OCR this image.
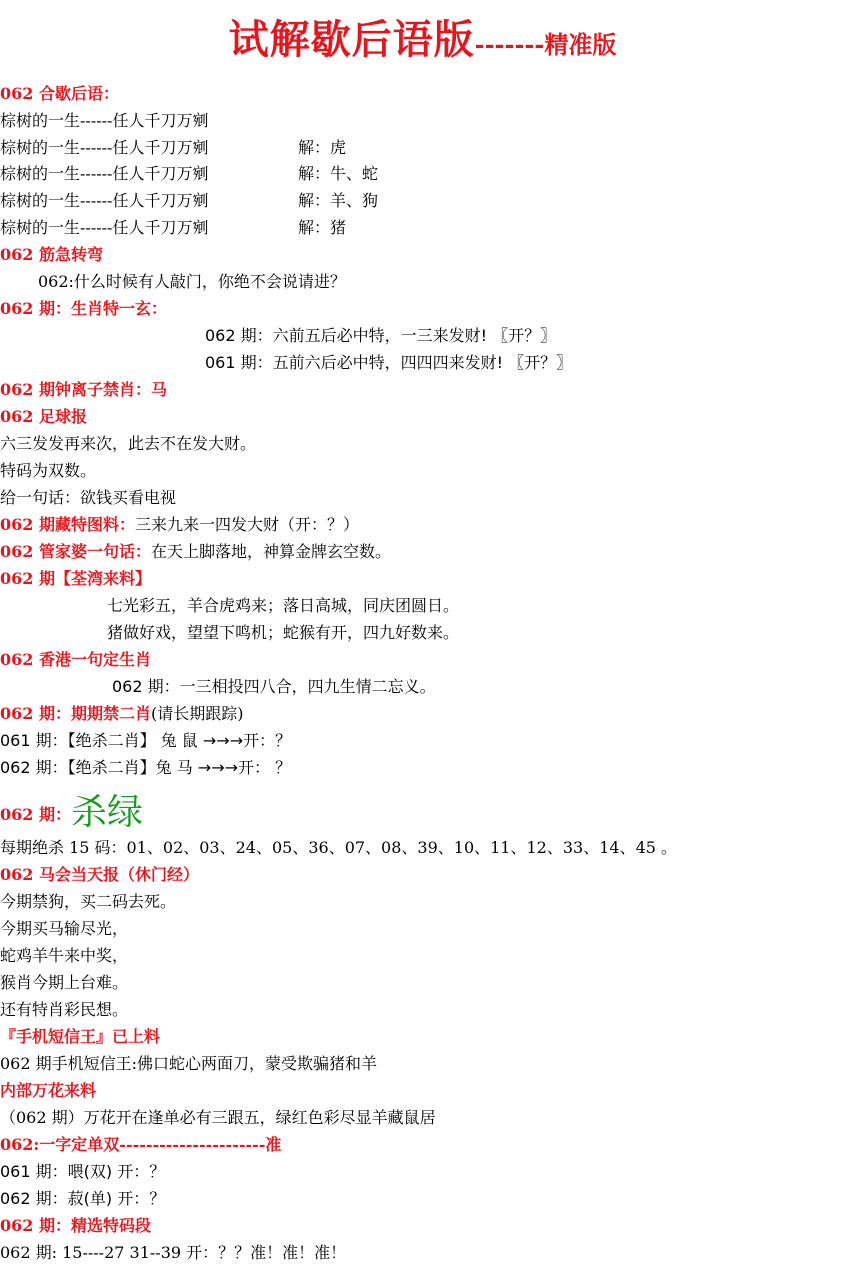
试解歇后语版-------精准版
062 合歇后语：
棕树的一生------任人千刀万剜
棕树的一生------任人千刀万剜	解：虎
棕树的一生------任人千刀万剜	解：牛、蛇
棕树的一生------任人千刀万剜	解：羊、狗
棕树的一生------任人千刀万剜	解：猪
062 筋急转弯
062:什么时候有人敲门，你绝不会说请进？
062 期：生肖特一玄：
062 期：六前五后必中特，一三来发财! 〖开？〗
061 期：五前六后必中特，四四四来发财! 〖开？〗
062 期钟离子禁肖：马
062 足球报
六三发发再来次，此去不在发大财。
特码为双数。
给一句话：欲钱买看电视
062 期藏特图料：三来九来一四发大财（开：？）
062 管家婆一句话：在天上脚落地，神算金牌玄空数。
062 期【荃湾来料】
七光彩五，羊合虎鸡来；落日高城，同庆团圆日。
猪做好戏，望望下鸣机；蛇猴有开，四九好数来。
062 香港一句定生肖
062 期：一三相投四八合，四九生情二忘义。
062 期：期期禁二肖(请长期跟踪)
061 期：【绝杀二肖】 兔 鼠 →→→开：？
062 期：【绝杀二肖】兔 马 →→→开： ？
062 期：杀绿
每期绝杀 15 码：01、02、03、24、05、36、07、08、39、10、11、12、33、14、45 。
062 马会当天报（休门经）
今期禁狗，买二码去死。
今期买马输尽光，
蛇鸡羊牛来中奖，
猴肖今期上台难。
还有特肖彩民想。
『手机短信王』已上料
062 期手机短信王:佛口蛇心两面刀，蒙受欺骗猪和羊
内部万花来料
（062 期）万花开在逢单必有三跟五，绿红色彩尽显羊藏鼠居
062:一字定单双----------------------准
061 期：喂(双) 开：？
062 期：菽(单) 开：？
062 期：精选特码段
062 期: 15----27 31--39 开：？？准！准！准！
